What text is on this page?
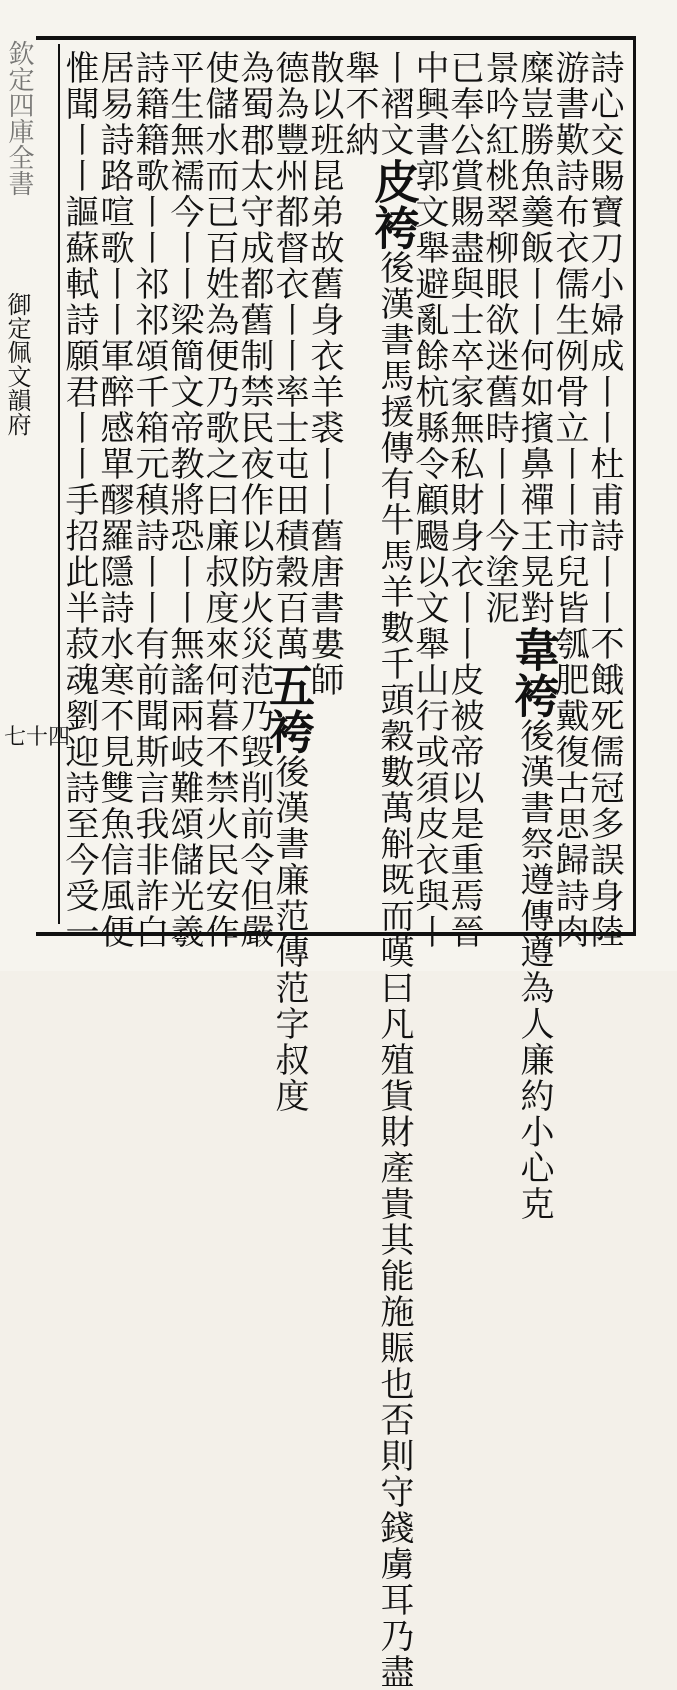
欽定四庫全書
御定佩文韻府
七十四	詩心交賜寶刀小婦成丨丨杜甫詩丨丨不餓死儒冠多誤身陸
游書歎詩布衣儒生例骨立丨丨市兒皆瓠肥戴復古思歸詩肉
糜豈勝魚羹飯丨丨何如擯鼻禪王晃對韋袴後漢書祭遵傳遵為人廉約小心克
景吟紅桃翠柳眼欲迷舊時丨丨今塗泥
已奉公賞賜盡與士卒家無私財身衣丨丨皮被帝以是重焉晉
中興書郭文舉避亂餘杭縣令顧颺以文舉山行或須皮衣與丨
丨褶文皮袴後漢書馬援傳有牛馬羊數千頭穀數萬斛既而嘆曰凡殖貨財產貴其能施賑也否則守錢虜耳乃盡
舉不納
散以班昆弟故舊身衣羊裘丨丨舊唐書婁師
德為豐州都督衣丨丨率士屯田積穀百萬五袴後漢書廉范傳范字叔度
為蜀郡太守成都舊制禁民夜作以防火災范乃毀削前令但嚴
使儲水而已百姓為便乃歌之曰廉叔度來何暮不禁火民安作
平生無襦今丨丨梁簡文帝教將恐丨丨無謠兩岐難頌儲光羲
詩籍籍歌丨丨祁祁頌千箱元稹詩丨丨有前聞斯言我非詐白
居易詩路喧歌丨丨軍醉感單醪羅隱詩水寒不見雙魚信風便
惟聞丨丨謳蘇軾詩願君丨丨手招此半菽魂劉迎詩至今受一
